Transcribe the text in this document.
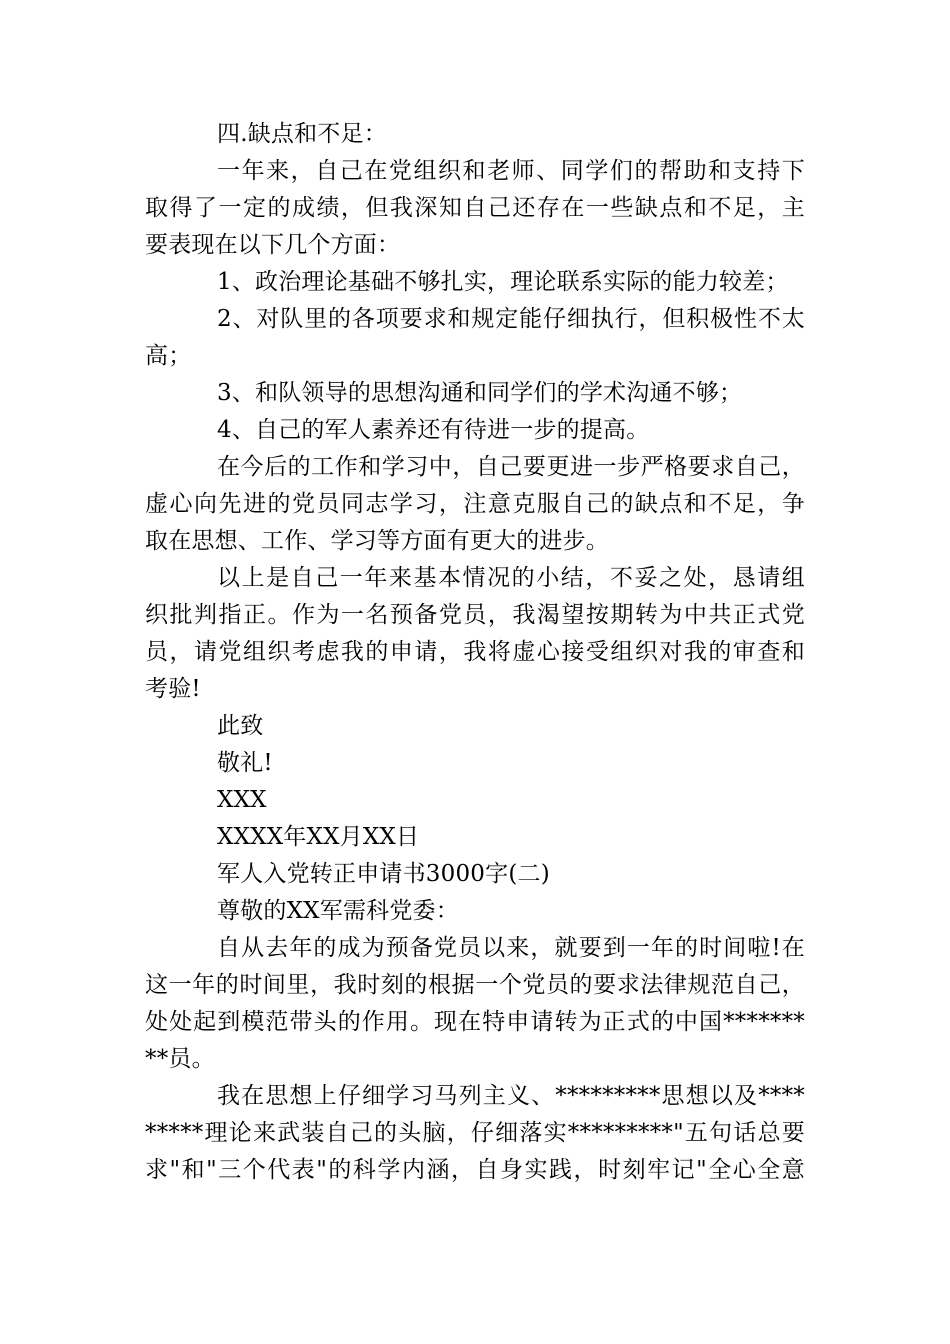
四.缺点和不足：
一年来，自己在党组织和老师、同学们的帮助和支持下
取得了一定的成绩，但我深知自己还存在一些缺点和不足，主
要表现在以下几个方面：
1、政治理论基础不够扎实，理论联系实际的能力较差；
2、对队里的各项要求和规定能仔细执行，但积极性不太
高；
3、和队领导的思想沟通和同学们的学术沟通不够；
4、自己的军人素养还有待进一步的提高。
在今后的工作和学习中，自己要更进一步严格要求自己，
虚心向先进的党员同志学习，注意克服自己的缺点和不足，争
取在思想、工作、学习等方面有更大的进步。
以上是自己一年来基本情况的小结，不妥之处，恳请组
织批判指正。作为一名预备党员，我渴望按期转为中共正式党
员，请党组织考虑我的申请，我将虚心接受组织对我的审查和
考验!
此致
敬礼!
XXX
XXXX年XX月XX日
军人入党转正申请书3000字(二)
尊敬的XX军需科党委：
自从去年的成为预备党员以来，就要到一年的时间啦!在
这一年的时间里，我时刻的根据一个党员的要求法律规范自己，
处处起到模范带头的作用。现在特申请转为正式的中国*******
**员。
我在思想上仔细学习马列主义、*********思想以及****
*****理论来武装自己的头脑，仔细落实*********"五句话总要
求"和"三个代表"的科学内涵，自身实践，时刻牢记"全心全意
